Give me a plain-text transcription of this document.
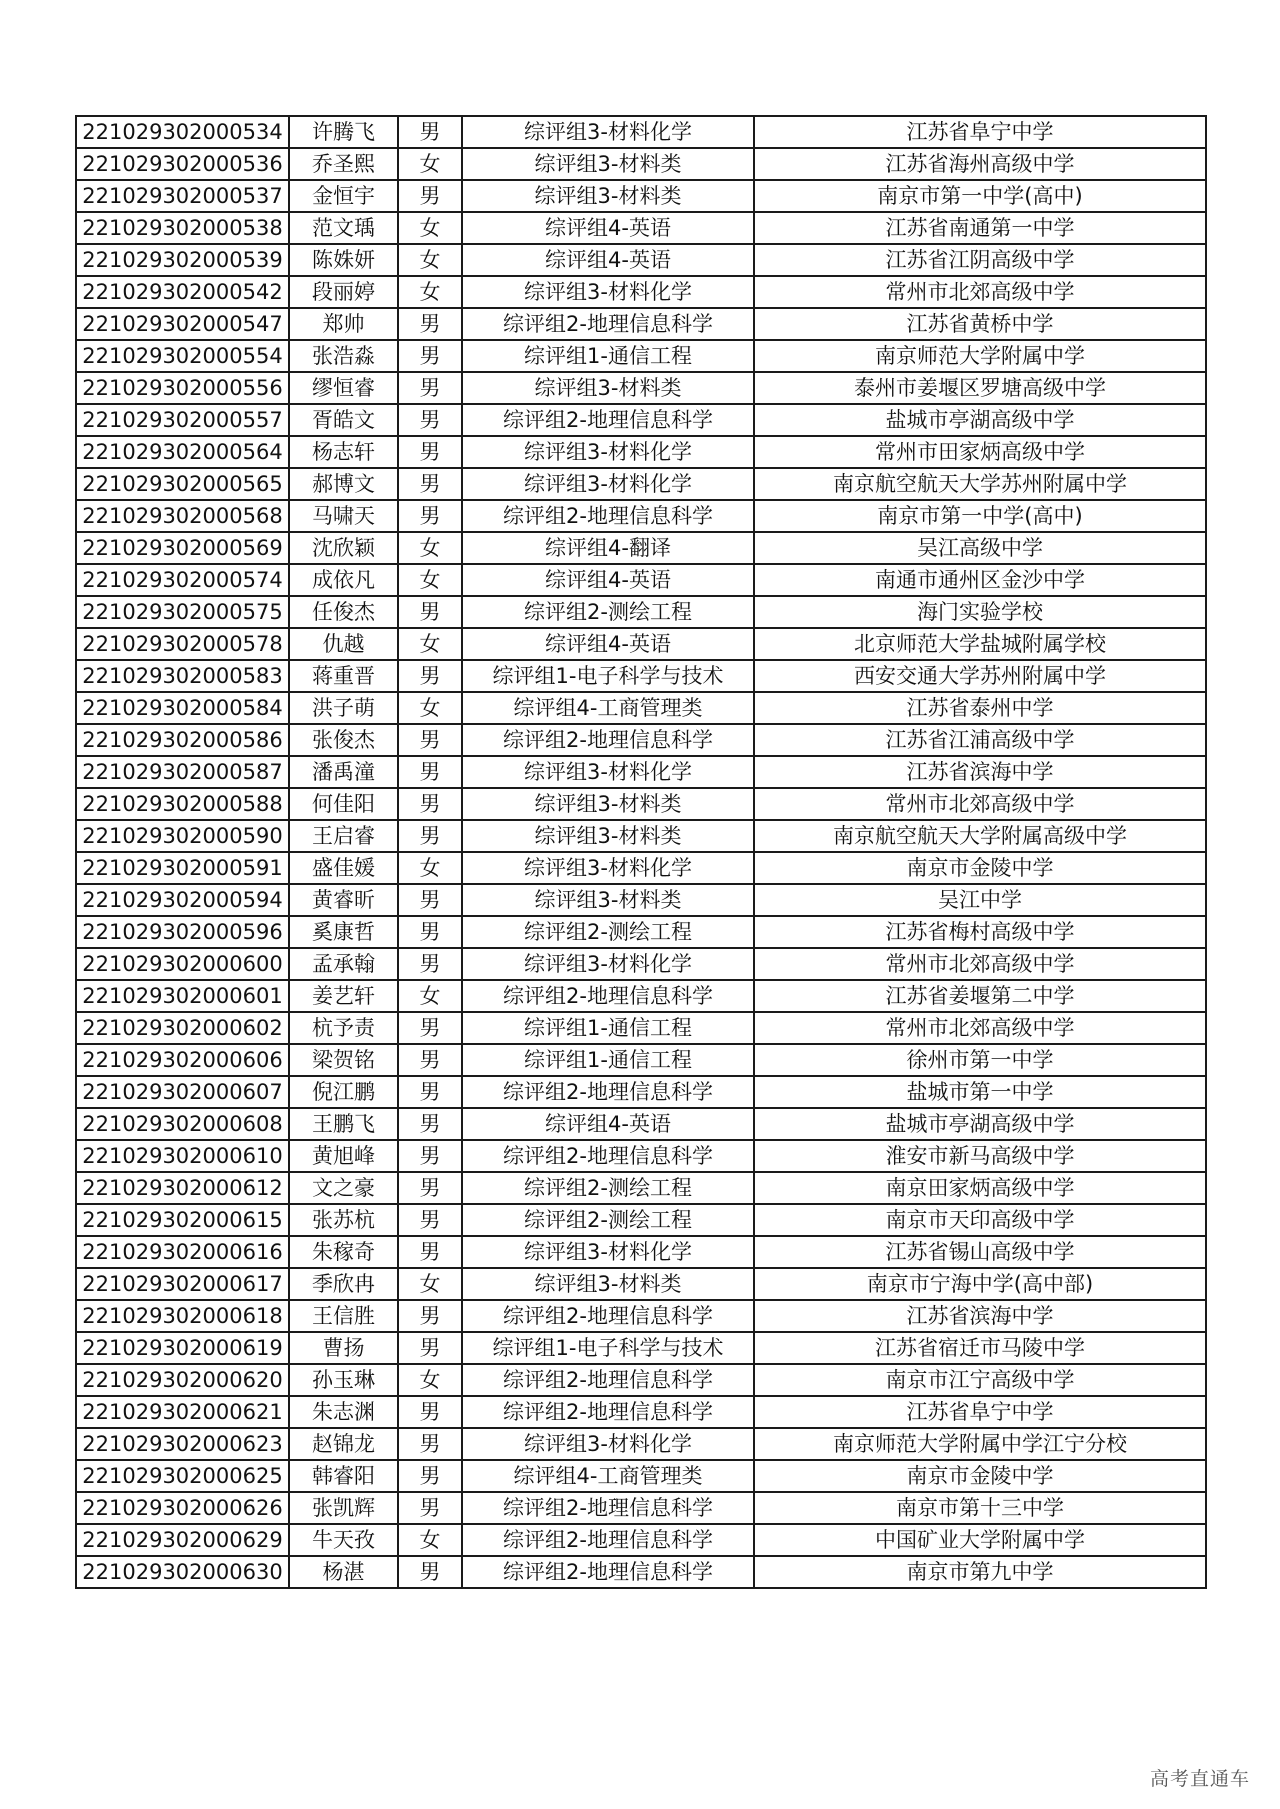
221029302000534	许腾飞	男	综评组3-材料化学	江苏省阜宁中学
221029302000536	乔圣熙	女	综评组3-材料类	江苏省海州高级中学
221029302000537	金恒宇	男	综评组3-材料类	南京市第一中学(高中)
221029302000538	范文瑀	女	综评组4-英语	江苏省南通第一中学
221029302000539	陈姝妍	女	综评组4-英语	江苏省江阴高级中学
221029302000542	段丽婷	女	综评组3-材料化学	常州市北郊高级中学
221029302000547	郑帅	男	综评组2-地理信息科学	江苏省黄桥中学
221029302000554	张浩淼	男	综评组1-通信工程	南京师范大学附属中学
221029302000556	缪恒睿	男	综评组3-材料类	泰州市姜堰区罗塘高级中学
221029302000557	胥皓文	男	综评组2-地理信息科学	盐城市亭湖高级中学
221029302000564	杨志轩	男	综评组3-材料化学	常州市田家炳高级中学
221029302000565	郝博文	男	综评组3-材料化学	南京航空航天大学苏州附属中学
221029302000568	马啸天	男	综评组2-地理信息科学	南京市第一中学(高中)
221029302000569	沈欣颖	女	综评组4-翻译	吴江高级中学
221029302000574	成依凡	女	综评组4-英语	南通市通州区金沙中学
221029302000575	任俊杰	男	综评组2-测绘工程	海门实验学校
221029302000578	仇越	女	综评组4-英语	北京师范大学盐城附属学校
221029302000583	蒋重晋	男	综评组1-电子科学与技术	西安交通大学苏州附属中学
221029302000584	洪子萌	女	综评组4-工商管理类	江苏省泰州中学
221029302000586	张俊杰	男	综评组2-地理信息科学	江苏省江浦高级中学
221029302000587	潘禹潼	男	综评组3-材料化学	江苏省滨海中学
221029302000588	何佳阳	男	综评组3-材料类	常州市北郊高级中学
221029302000590	王启睿	男	综评组3-材料类	南京航空航天大学附属高级中学
221029302000591	盛佳媛	女	综评组3-材料化学	南京市金陵中学
221029302000594	黄睿昕	男	综评组3-材料类	吴江中学
221029302000596	奚康哲	男	综评组2-测绘工程	江苏省梅村高级中学
221029302000600	孟承翰	男	综评组3-材料化学	常州市北郊高级中学
221029302000601	姜艺轩	女	综评组2-地理信息科学	江苏省姜堰第二中学
221029302000602	杭予责	男	综评组1-通信工程	常州市北郊高级中学
221029302000606	梁贺铭	男	综评组1-通信工程	徐州市第一中学
221029302000607	倪江鹏	男	综评组2-地理信息科学	盐城市第一中学
221029302000608	王鹏飞	男	综评组4-英语	盐城市亭湖高级中学
221029302000610	黄旭峰	男	综评组2-地理信息科学	淮安市新马高级中学
221029302000612	文之豪	男	综评组2-测绘工程	南京田家炳高级中学
221029302000615	张苏杭	男	综评组2-测绘工程	南京市天印高级中学
221029302000616	朱稼奇	男	综评组3-材料化学	江苏省锡山高级中学
221029302000617	季欣冉	女	综评组3-材料类	南京市宁海中学(高中部)
221029302000618	王信胜	男	综评组2-地理信息科学	江苏省滨海中学
221029302000619	曹扬	男	综评组1-电子科学与技术	江苏省宿迁市马陵中学
221029302000620	孙玉琳	女	综评组2-地理信息科学	南京市江宁高级中学
221029302000621	朱志渊	男	综评组2-地理信息科学	江苏省阜宁中学
221029302000623	赵锦龙	男	综评组3-材料化学	南京师范大学附属中学江宁分校
221029302000625	韩睿阳	男	综评组4-工商管理类	南京市金陵中学
221029302000626	张凯辉	男	综评组2-地理信息科学	南京市第十三中学
221029302000629	牛天孜	女	综评组2-地理信息科学	中国矿业大学附属中学
221029302000630	杨湛	男	综评组2-地理信息科学	南京市第九中学
高考直通车
